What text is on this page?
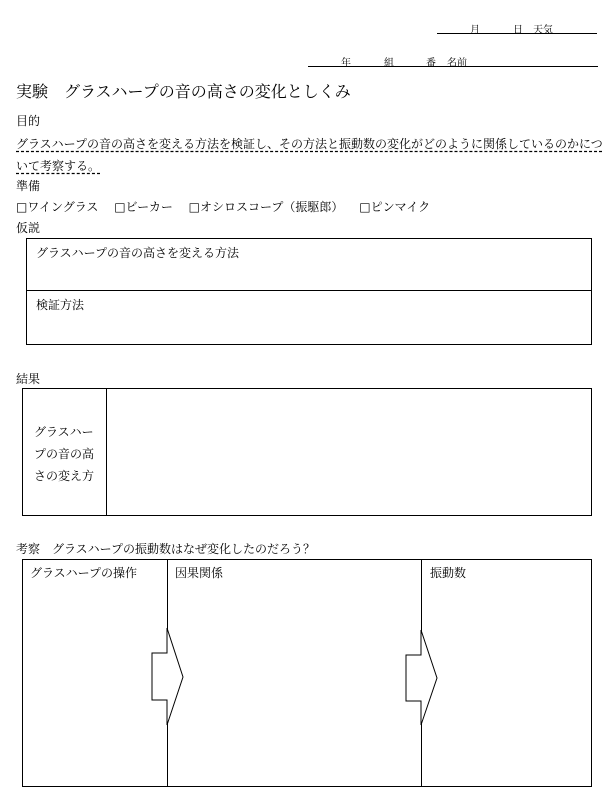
月	日 天気
年	組	番 名前
実験　グラスハープの音の高さの変化としくみ
目的
グラスハープの音の高さを変える方法を検証し、その方法と振動数の変化がどのように関係しているのかについて考察する。
準備
□ワイングラス □ビーカー □オシロスコープ（振駆郎） □ピンマイク
仮説
グラスハープの音の高さを変える方法
検証方法
結果
グラスハープの音の高さの変え方
考察　グラスハープの振動数はなぜ変化したのだろう？
グラスハープの操作	因果関係	振動数
